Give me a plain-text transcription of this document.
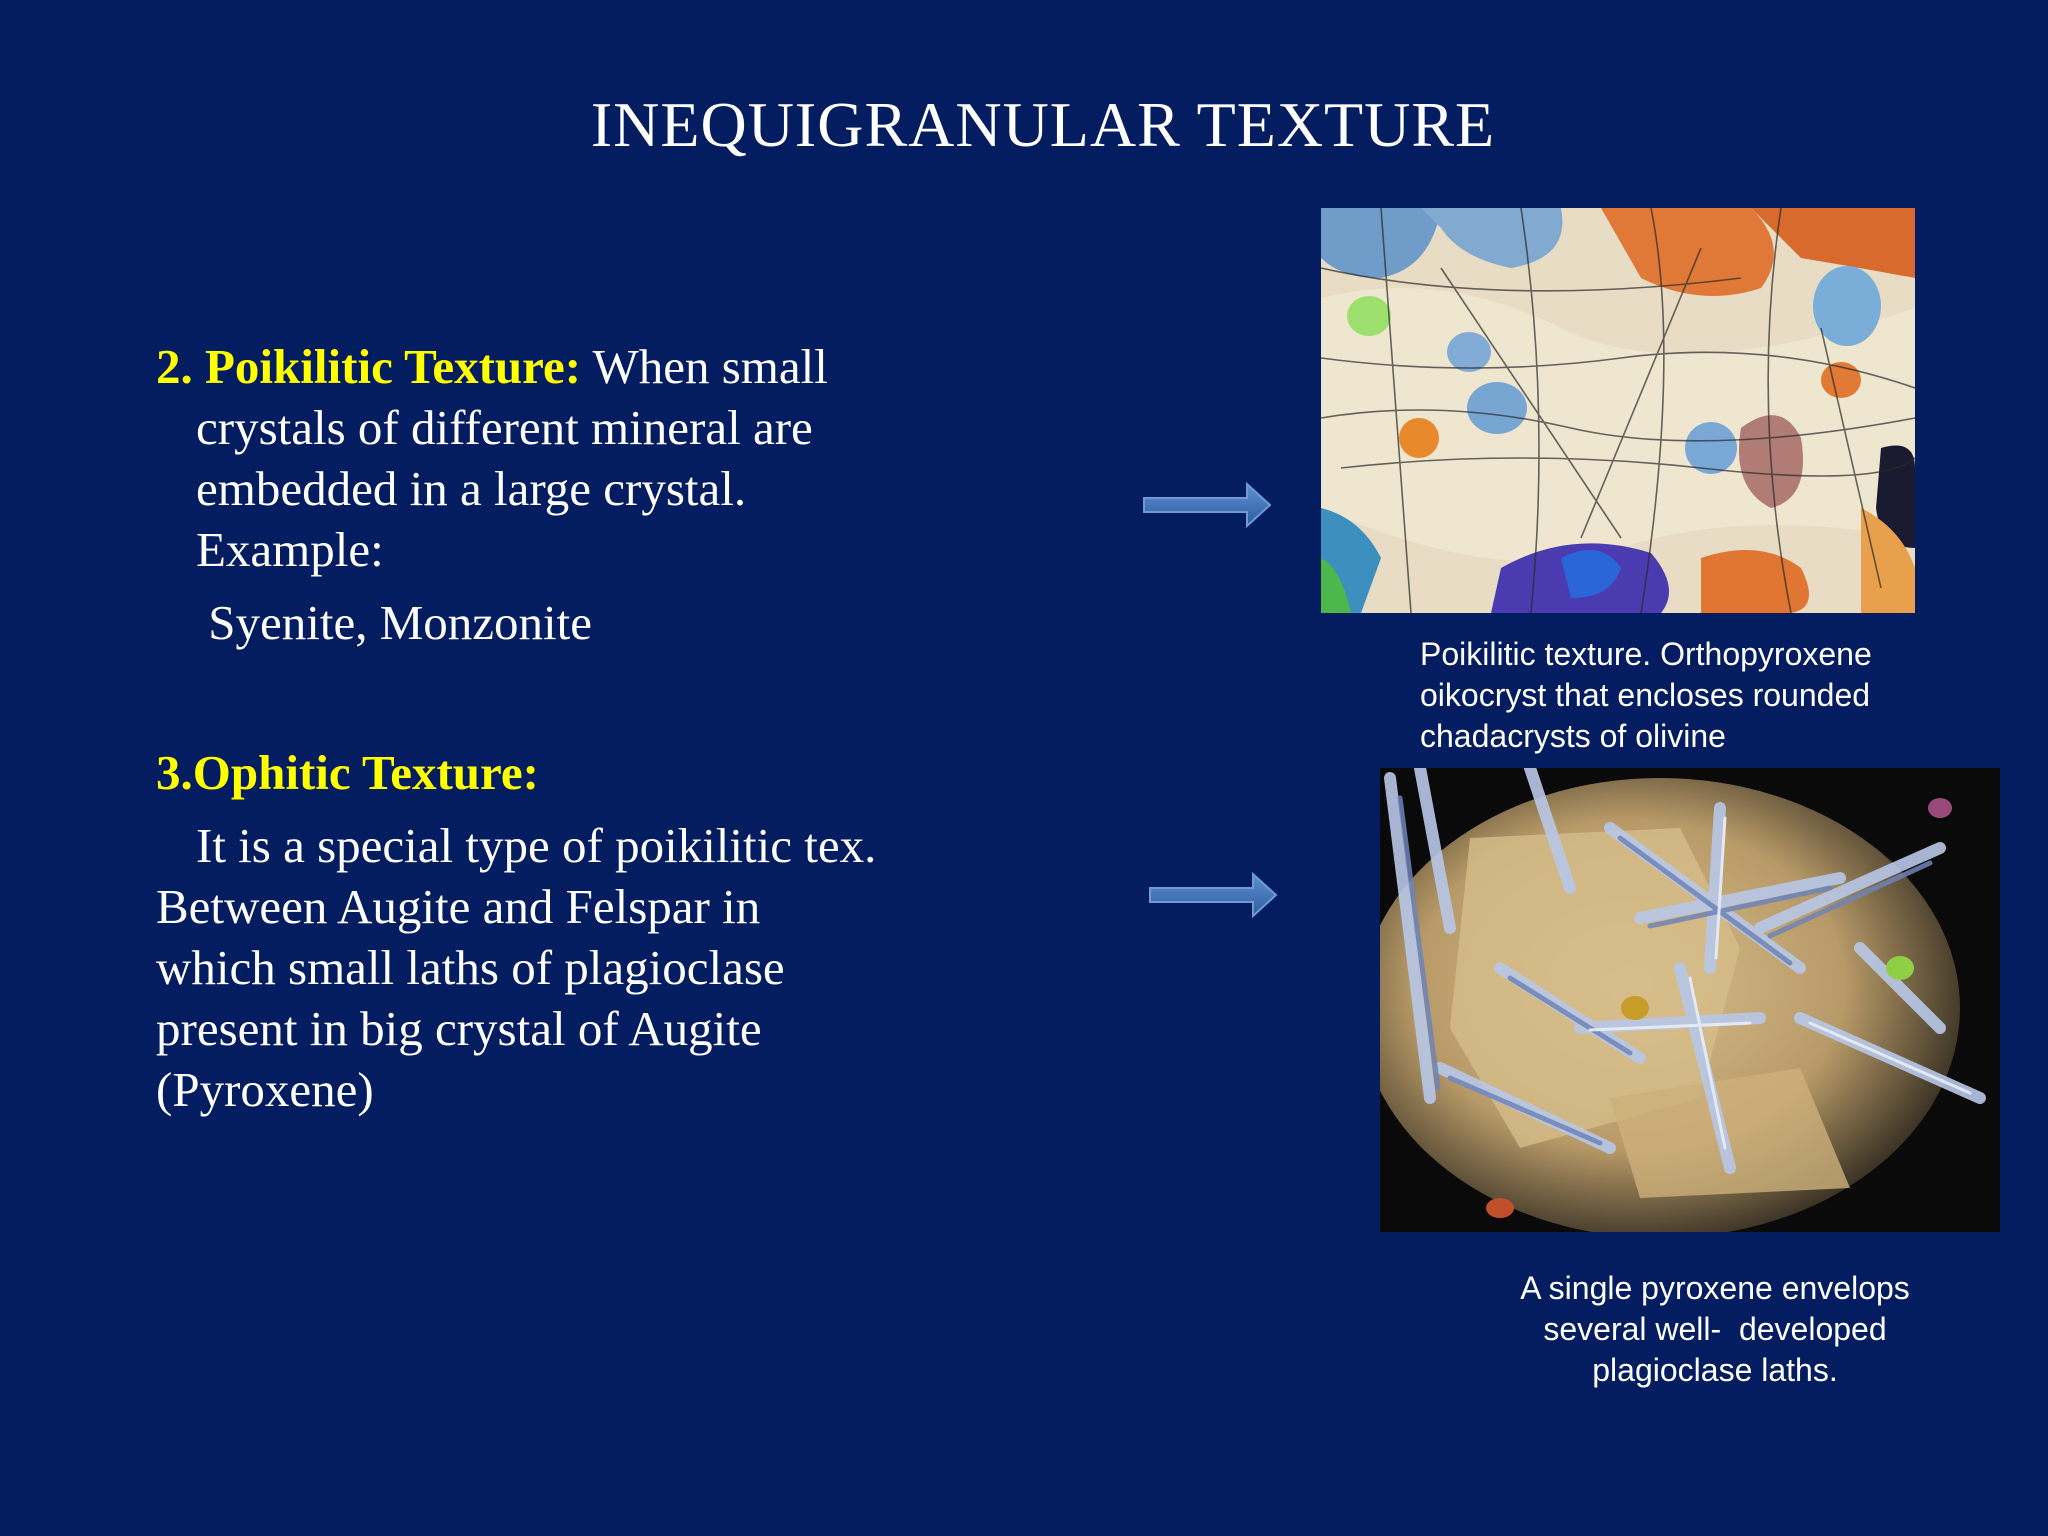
INEQUIGRANULAR TEXTURE
2. Poikilitic Texture: When small
crystals of different mineral are
embedded in a large crystal.
Example:
Syenite, Monzonite
3.Ophitic Texture:
It is a special type of poikilitic tex.
Between Augite and Felspar in
which small laths of plagioclase
present in big crystal of Augite
(Pyroxene)
Poikilitic texture. Orthopyroxene
oikocryst that encloses rounded
chadacrysts of olivine
A single pyroxene envelops
several well-  developed
plagioclase laths.
